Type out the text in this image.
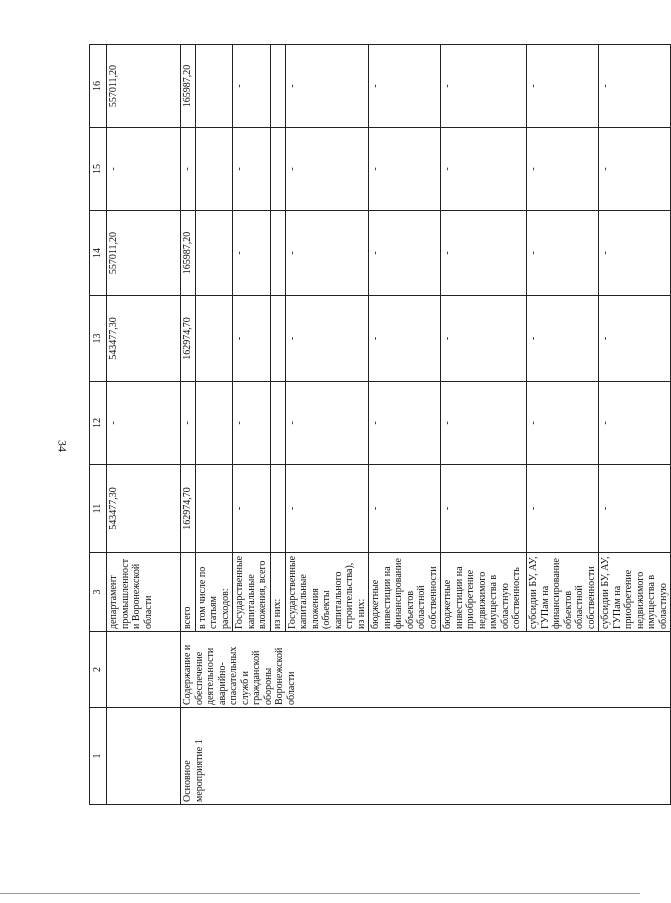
34
1	2	3	11	12	13	14	15	16
		департамент промышленности Воронежской области	543477,30	-	543477,30	557011,20	-	557011,20
Основное мероприятие 1	Содержание и обеспечение деятельности аварийно-спасательных служб и гражданской обороны Воронежской области	всего	162974,70	-	162974,70	165987,20	-	165987,20
		в том числе по статьям расходов:						
		Государственные капитальные вложения, всего	-	-	-	-	-	-
		из них:						
		Государственные капитальные вложения (объекты капитального строительства), из них:	-	-	-	-	-	-
		бюджетные инвестиции на финансирование объектов областной собственности	-	-	-	-	-	-
		бюджетные инвестиции на приобретение недвижимого имущества в областную собственность	-	-	-	-	-	-
		субсидии БУ, АУ, ГУПам на финансирование объектов областной собственности	-	-	-	-	-	-
		субсидии БУ, АУ, ГУПам на приобретение недвижимого имущества в областную	-	-	-	-	-	-
